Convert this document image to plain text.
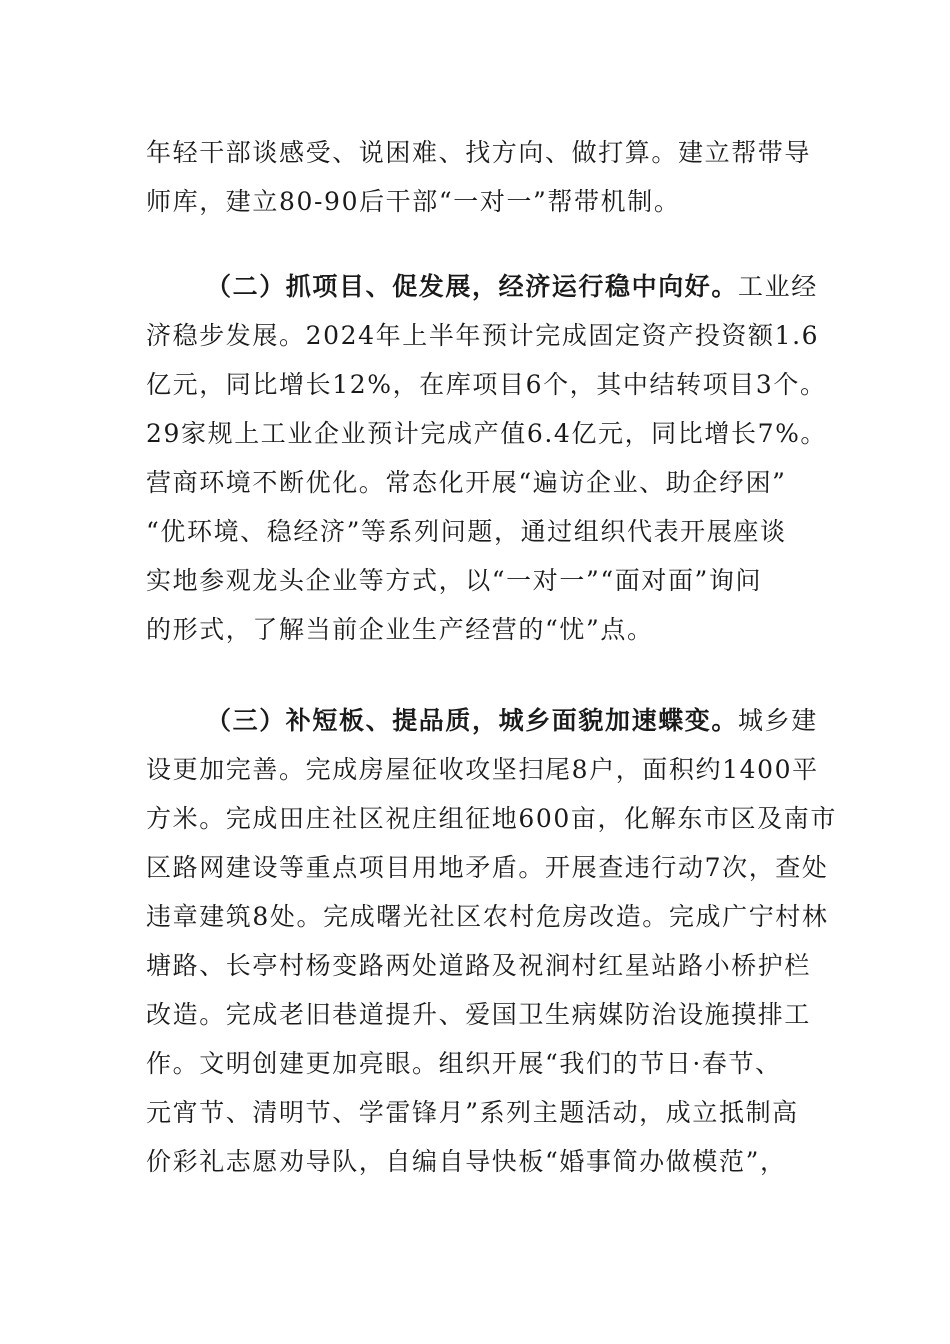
年轻干部谈感受、说困难、找方向、做打算。建立帮带导
师库，建立80-90后干部“一对一”帮带机制。
（二）抓项目、促发展，经济运行稳中向好。工业经
济稳步发展。2024年上半年预计完成固定资产投资额1.6
亿元，同比增长12%，在库项目6个，其中结转项目3个。
29家规上工业企业预计完成产值6.4亿元，同比增长7%。
营商环境不断优化。常态化开展“遍访企业、助企纾困”
“优环境、稳经济”等系列问题，通过组织代表开展座谈
实地参观龙头企业等方式，以“一对一”“面对面”询问
的形式，了解当前企业生产经营的“忧”点。
（三）补短板、提品质，城乡面貌加速蝶变。城乡建
设更加完善。完成房屋征收攻坚扫尾8户，面积约1400平
方米。完成田庄社区祝庄组征地600亩，化解东市区及南市
区路网建设等重点项目用地矛盾。开展查违行动7次，查处
违章建筑8处。完成曙光社区农村危房改造。完成广宁村林
塘路、长亭村杨变路两处道路及祝涧村红星站路小桥护栏
改造。完成老旧巷道提升、爱国卫生病媒防治设施摸排工
作。文明创建更加亮眼。组织开展“我们的节日·春节、
元宵节、清明节、学雷锋月”系列主题活动，成立抵制高
价彩礼志愿劝导队，自编自导快板“婚事简办做模范”，
